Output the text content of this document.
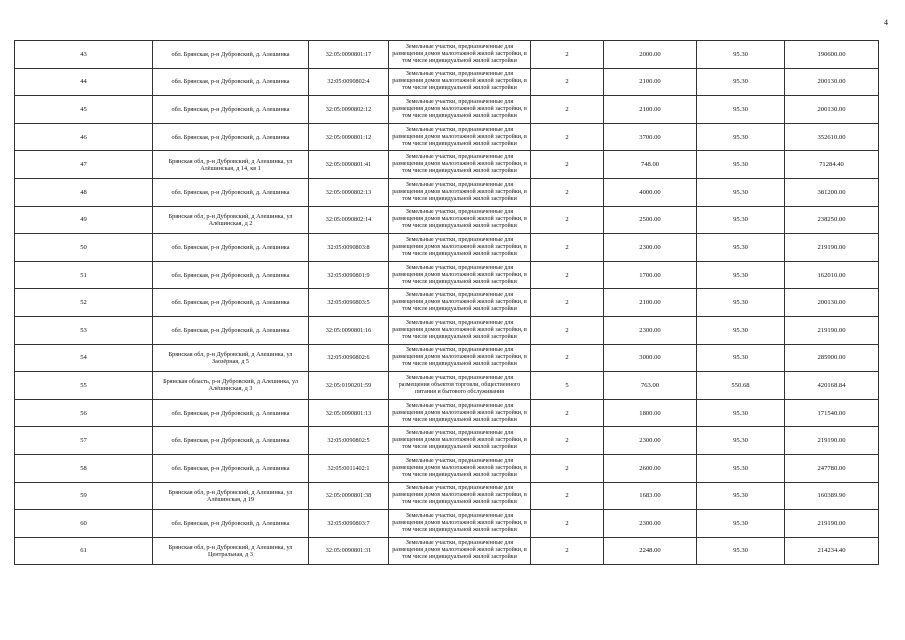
4
43	обл. Брянская, р-н Дубровский, д. Алешинка	32:05:0090801:17	Земельные участки, предназначенные для размещения домов малоэтажной жилой застройки, в том числе индивидуальной жилой застройки	2	2000.00	95.30	190600.00
44	обл. Брянская, р-н Дубровский, д. Алешинка	32:05:0090802:4	Земельные участки, предназначенные для размещения домов малоэтажной жилой застройки, в том числе индивидуальной жилой застройки	2	2100.00	95.30	200130.00
45	обл. Брянская, р-н Дубровский, д. Алешинка	32:05:0090802:12	Земельные участки, предназначенные для размещения домов малоэтажной жилой застройки, в том числе индивидуальной жилой застройки	2	2100.00	95.30	200130.00
46	обл. Брянская, р-н Дубровский, д. Алешинка	32:05:0090801:12	Земельные участки, предназначенные для размещения домов малоэтажной жилой застройки, в том числе индивидуальной жилой застройки	2	3700.00	95.30	352610.00
47	Брянская обл, р-н Дубровский, д Алешинка, ул Алёшинская, д 14, кв 1	32:05:0090801:41	Земельные участки, предназначенные для размещения домов малоэтажной жилой застройки, в том числе индивидуальной жилой застройки	2	748.00	95.30	71284.40
48	обл. Брянская, р-н Дубровский, д. Алешинка	32:05:0090802:13	Земельные участки, предназначенные для размещения домов малоэтажной жилой застройки, в том числе индивидуальной жилой застройки	2	4000.00	95.30	381200.00
49	Брянская обл, р-н Дубровский, д Алешинка, ул Алёшинская, д 2	32:05:0090802:14	Земельные участки, предназначенные для размещения домов малоэтажной жилой застройки, в том числе индивидуальной жилой застройки	2	2500.00	95.30	238250.00
50	обл. Брянская, р-н Дубровский, д. Алешинка	32:05:0090803:8	Земельные участки, предназначенные для размещения домов малоэтажной жилой застройки, в том числе индивидуальной жилой застройки	2	2300.00	95.30	219190.00
51	обл. Брянская, р-н Дубровский, д. Алешинка	32:05:0090801:9	Земельные участки, предназначенные для размещения домов малоэтажной жилой застройки, в том числе индивидуальной жилой застройки	2	1700.00	95.30	162010.00
52	обл. Брянская, р-н Дубровский, д. Алешинка	32:05:0090803:5	Земельные участки, предназначенные для размещения домов малоэтажной жилой застройки, в том числе индивидуальной жилой застройки	2	2100.00	95.30	200130.00
53	обл. Брянская, р-н Дубровский, д. Алешинка	32:05:0090801:16	Земельные участки, предназначенные для размещения домов малоэтажной жилой застройки, в том числе индивидуальной жилой застройки	2	2300.00	95.30	219190.00
54	Брянская обл, р-н Дубровский, д Алешинка, ул Заозёрная, д 5	32:05:0090802:6	Земельные участки, предназначенные для размещения домов малоэтажной жилой застройки, в том числе индивидуальной жилой застройки	2	3000.00	95.30	285900.00
55	Брянская область, р-н Дубровский, д Алешинка, ул Алёшинская, д 3	32:05:0190201:59	Земельные участки, предназначенные для размещения объектов торговли, общественного питания и бытового обслуживания	5	763.00	550.68	420168.84
56	обл. Брянская, р-н Дубровский, д. Алешинка	32:05:0090801:13	Земельные участки, предназначенные для размещения домов малоэтажной жилой застройки, в том числе индивидуальной жилой застройки	2	1800.00	95.30	171540.00
57	обл. Брянская, р-н Дубровский, д. Алешинка	32:05:0090802:5	Земельные участки, предназначенные для размещения домов малоэтажной жилой застройки, в том числе индивидуальной жилой застройки	2	2300.00	95.30	219190.00
58	обл. Брянская, р-н Дубровский, д. Алешинка	32:05:0011402:1	Земельные участки, предназначенные для размещения домов малоэтажной жилой застройки, в том числе индивидуальной жилой застройки	2	2600.00	95.30	247780.00
59	Брянская обл, р-н Дубровский, д Алешинка, ул Алёшинская, д 19	32:05:0090801:38	Земельные участки, предназначенные для размещения домов малоэтажной жилой застройки, в том числе индивидуальной жилой застройки	2	1683.00	95.30	160389.90
60	обл. Брянская, р-н Дубровский, д. Алешинка	32:05:0090803:7	Земельные участки, предназначенные для размещения домов малоэтажной жилой застройки, в том числе индивидуальной жилой застройки	2	2300.00	95.30	219190.00
61	Брянская обл, р-н Дубровский, д Алешинка, ул Центральная, д 3	32:05:0090801:31	Земельные участки, предназначенные для размещения домов малоэтажной жилой застройки, в том числе индивидуальной жилой застройки	2	2248.00	95.30	214234.40
